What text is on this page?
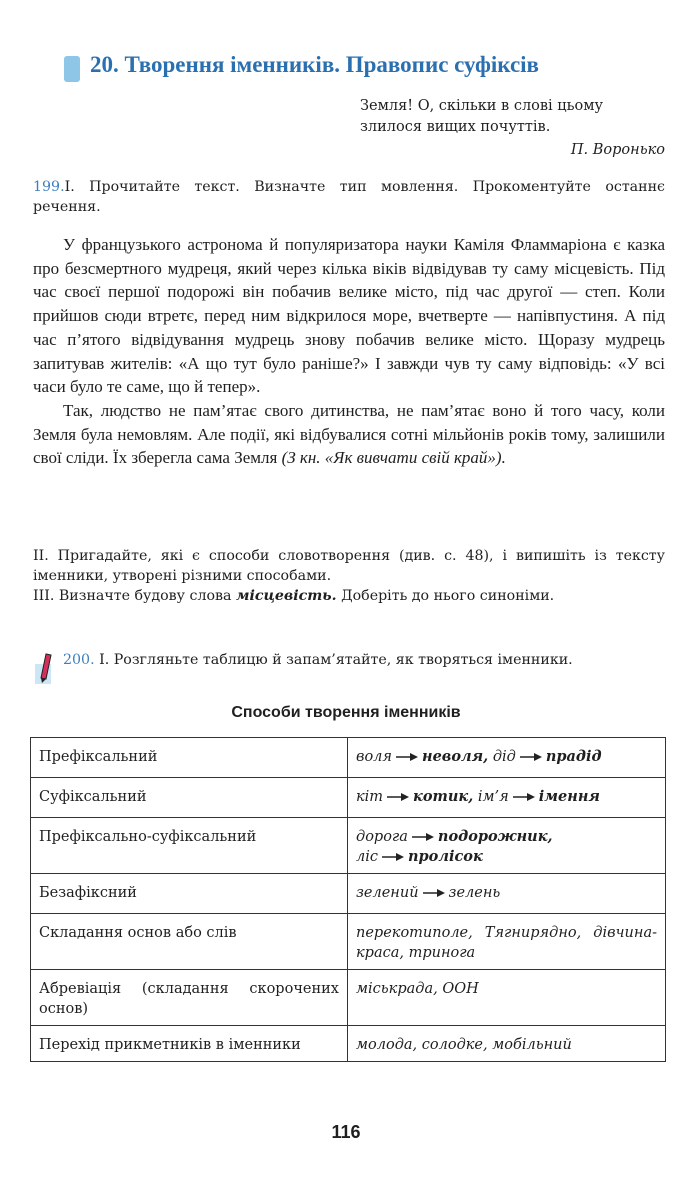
20. Творення іменників. Правопис суфіксів
Земля! О, скільки в слові цьому
злилося вищих почуттів.
П. Воронько

199.І. Прочитайте текст. Визначте тип мовлення. Прокоментуйте останнє речення.

У французького астронома й популяризатора науки Каміля Фламмаріона є казка про безсмертного мудреця, який через кілька віків відвідував ту саму місцевість. Під час своєї першої подорожі він побачив велике місто, під час другої — степ. Коли прийшов сюди втретє, перед ним відкрилося море, вчетверте — напівпустиня. А під час п’ятого відвідування мудрець знову побачив велике місто. Щоразу мудрець запитував жителів: «А що тут було раніше?» І завжди чув ту саму відповідь: «У всі часи було те саме, що й тепер».

Так, людство не пам’ятає свого дитинства, не пам’ятає воно й того часу, коли Земля була немовлям. Але події, які відбувалися сотні мільйонів років тому, залишили свої сліди. Їх зберегла сама Земля (З кн. «Як вивчати свій край»).

ІІ. Пригадайте, які є способи словотворення (див. с. 48), і випишіть із тексту іменники, утворені різними способами.

ІІІ. Визначте будову слова місцевість. Доберіть до нього синоніми.

200. І. Розгляньте таблицю й запам’ятайте, як творяться іменники.
Способи творення іменників
Префіксальний	воля неволя, дід прадід
Суфіксальний	кіт котик, ім’я імення
Префіксально-суфіксальний	дорога подорожник,
ліс пролісок
Безафіксний	зелений зелень
Складання основ або слів	перекотиполе, Тягнирядно, дівчина-краса, тринога
Абревіація (складання скорочених основ)	міськрада, ООН
Перехід прикметників в іменники	молода, солодке, мобільний
116
